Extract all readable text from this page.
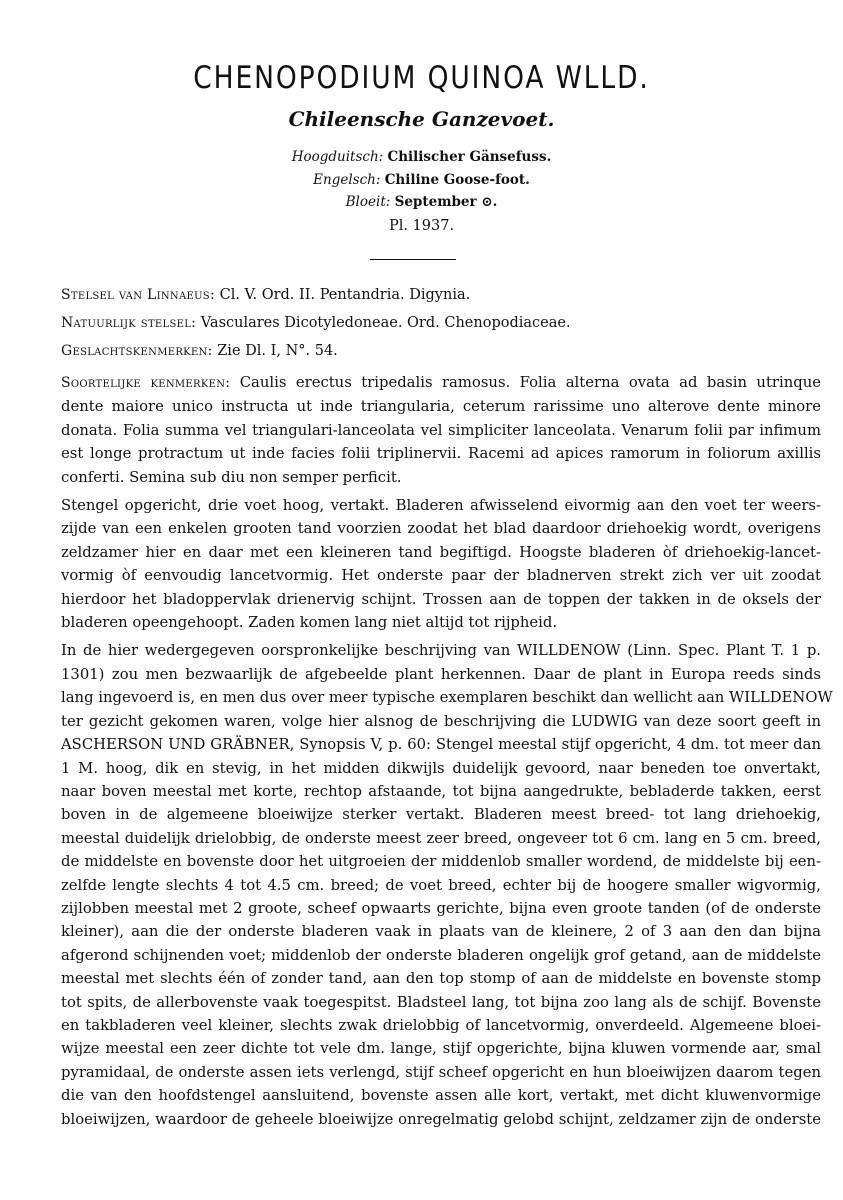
CHENOPODIUM QUINOA WLLD.
Chileensche Ganzevoet.
Hoogduitsch: Chilischer Gänsefuss.
Engelsch: Chiline Goose-foot.
Bloeit: September ⊙.
Pl. 1937.
Stelsel van Linnaeus: Cl. V. Ord. II. Pentandria. Digynia.
Natuurlijk stelsel: Vasculares Dicotyledoneae. Ord. Chenopodiaceae.
Geslachtskenmerken: Zie Dl. I, N°. 54.
Soortelijke kenmerken: Caulis erectus tripedalis ramosus. Folia alterna ovata ad basin utrinque
dente maiore unico instructa ut inde triangularia, ceterum rarissime uno alterove dente minore
donata. Folia summa vel triangulari-lanceolata vel simpliciter lanceolata. Venarum folii par infimum
est longe protractum ut inde facies folii triplinervii. Racemi ad apices ramorum in foliorum axillis
conferti. Semina sub diu non semper perficit.
Stengel opgericht, drie voet hoog, vertakt. Bladeren afwisselend eivormig aan den voet ter weers-
zijde van een enkelen grooten tand voorzien zoodat het blad daardoor driehoekig wordt, overigens
zeldzamer hier en daar met een kleineren tand begiftigd. Hoogste bladeren òf driehoekig-lancet-
vormig òf eenvoudig lancetvormig. Het onderste paar der bladnerven strekt zich ver uit zoodat
hierdoor het bladoppervlak drienervig schijnt. Trossen aan de toppen der takken in de oksels der
bladeren opeengehoopt. Zaden komen lang niet altijd tot rijpheid.
In de hier wedergegeven oorspronkelijke beschrijving van WILLDENOW (Linn. Spec. Plant T. 1 p.
1301) zou men bezwaarlijk de afgebeelde plant herkennen. Daar de plant in Europa reeds sinds
lang ingevoerd is, en men dus over meer typische exemplaren beschikt dan wellicht aan WILLDENOW
ter gezicht gekomen waren, volge hier alsnog de beschrijving die LUDWIG van deze soort geeft in
ASCHERSON UND GRÄBNER, Synopsis V, p. 60: Stengel meestal stijf opgericht, 4 dm. tot meer dan
1 M. hoog, dik en stevig, in het midden dikwijls duidelijk gevoord, naar beneden toe onvertakt,
naar boven meestal met korte, rechtop afstaande, tot bijna aangedrukte, bebladerde takken, eerst
boven in de algemeene bloeiwijze sterker vertakt. Bladeren meest breed- tot lang driehoekig,
meestal duidelijk drielobbig, de onderste meest zeer breed, ongeveer tot 6 cm. lang en 5 cm. breed,
de middelste en bovenste door het uitgroeien der middenlob smaller wordend, de middelste bij een-
zelfde lengte slechts 4 tot 4.5 cm. breed; de voet breed, echter bij de hoogere smaller wigvormig,
zijlobben meestal met 2 groote, scheef opwaarts gerichte, bijna even groote tanden (of de onderste
kleiner), aan die der onderste bladeren vaak in plaats van de kleinere, 2 of 3 aan den dan bijna
afgerond schijnenden voet; middenlob der onderste bladeren ongelijk grof getand, aan de middelste
meestal met slechts één of zonder tand, aan den top stomp of aan de middelste en bovenste stomp
tot spits, de allerbovenste vaak toegespitst. Bladsteel lang, tot bijna zoo lang als de schijf. Bovenste
en takbladeren veel kleiner, slechts zwak drielobbig of lancetvormig, onverdeeld. Algemeene bloei-
wijze meestal een zeer dichte tot vele dm. lange, stijf opgerichte, bijna kluwen vormende aar, smal
pyramidaal, de onderste assen iets verlengd, stijf scheef opgericht en hun bloeiwijzen daarom tegen
die van den hoofdstengel aansluitend, bovenste assen alle kort, vertakt, met dicht kluwenvormige
bloeiwijzen, waardoor de geheele bloeiwijze onregelmatig gelobd schijnt, zeldzamer zijn de onderste
